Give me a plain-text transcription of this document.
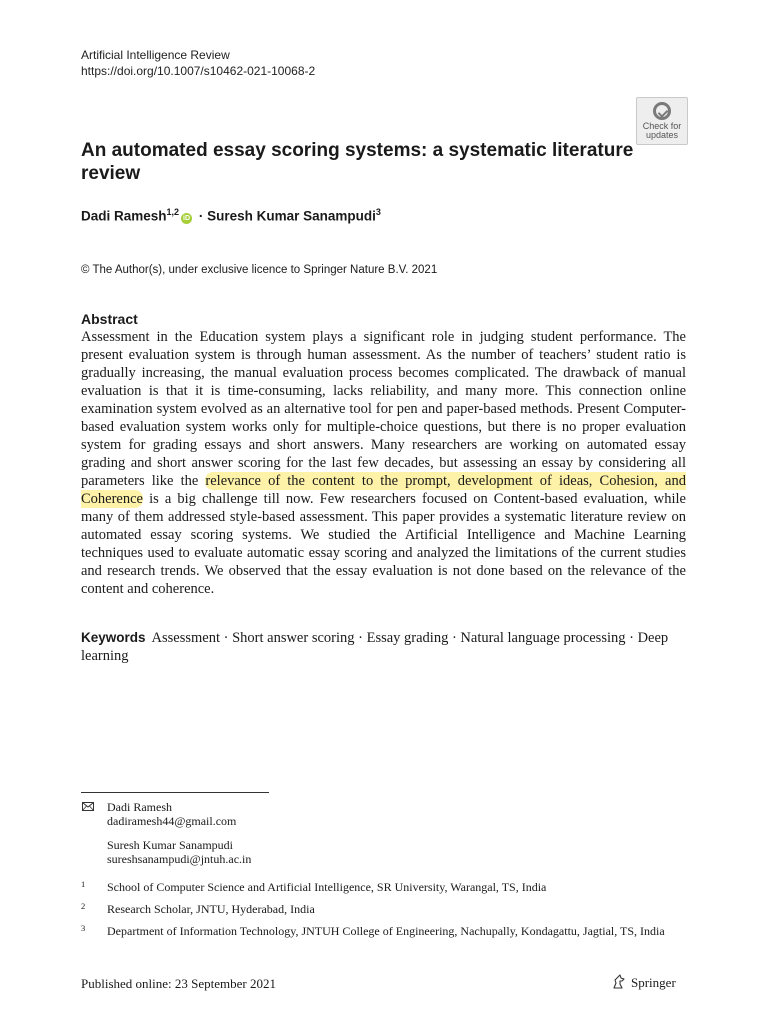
Artificial Intelligence Review
https://doi.org/10.1007/s10462-021-10068-2
Check for
updates
An automated essay scoring systems: a systematic literature review
Dadi Ramesh$^{1,2}$iD · Suresh Kumar Sanampudi$^3$
© The Author(s), under exclusive licence to Springer Nature B.V. 2021
Abstract
Assessment in the Education system plays a significant role in judging student performance. The present evaluation system is through human assessment. As the number of teachers’ student ratio is gradually increasing, the manual evaluation process becomes complicated. The drawback of manual evaluation is that it is time-consuming, lacks reliability, and many more. This connection online examination system evolved as an alternative tool for pen and paper-based methods. Present Computer-based evaluation system works only for multiple-choice questions, but there is no proper evaluation system for grading essays and short answers. Many researchers are working on automated essay grading and short answer scoring for the last few decades, but assessing an essay by considering all parameters like the relevance of the content to the prompt, development of ideas, Cohesion, and Coherence is a big challenge till now. Few researchers focused on Content-based evaluation, while many of them addressed style-based assessment. This paper provides a systematic literature review on automated essay scoring systems. We studied the Artificial Intelligence and Machine Learning techniques used to evaluate automatic essay scoring and analyzed the limitations of the current studies and research trends. We observed that the essay evaluation is not done based on the relevance of the content and coherence.
Keywords Assessment · Short answer scoring · Essay grading · Natural language processing · Deep learning
Dadi Ramesh
dadiramesh44@gmail.com
Suresh Kumar Sanampudi
sureshsanampudi@jntuh.ac.in
1 School of Computer Science and Artificial Intelligence, SR University, Warangal, TS, India
2 Research Scholar, JNTU, Hyderabad, India
3 Department of Information Technology, JNTUH College of Engineering, Nachupally, Kondagattu, Jagtial, TS, India
Published online: 23 September 2021	Springer
